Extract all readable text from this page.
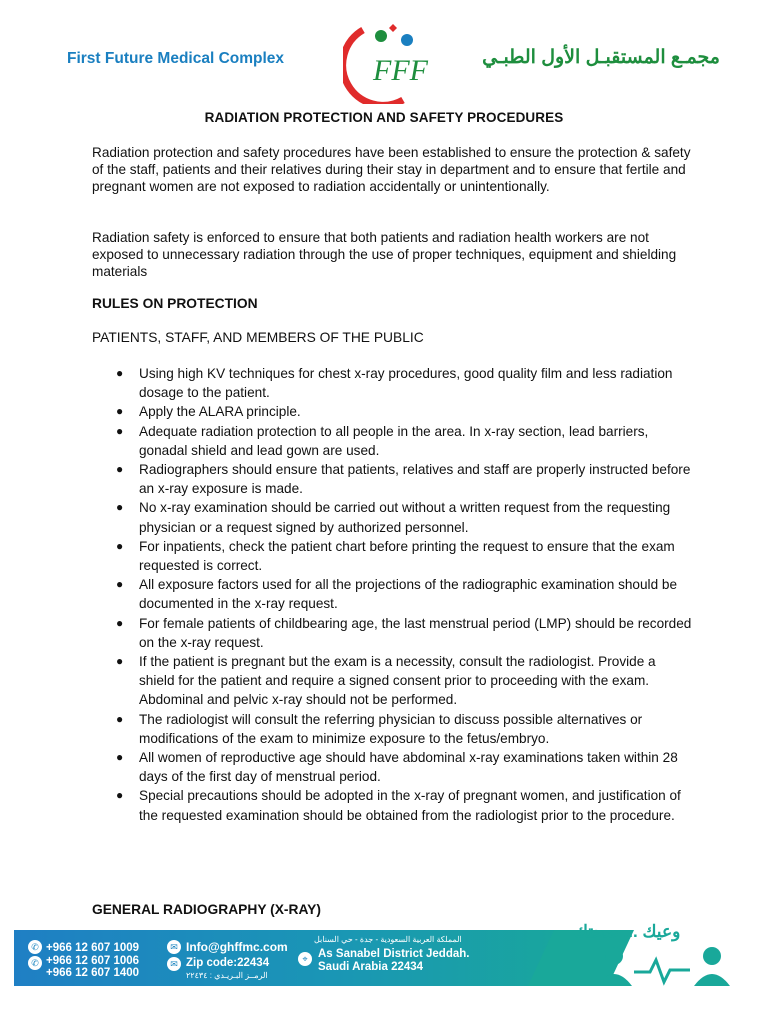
First Future Medical Complex	FFF	مجمـع المستقبـل الأول الطبـي
RADIATION PROTECTION AND SAFETY PROCEDURES

Radiation protection and safety procedures have been established to ensure the protection & safety of the staff, patients and their relatives during their stay in department and to ensure that fertile and pregnant women are not exposed to radiation accidentally or unintentionally.

Radiation safety is enforced to ensure that both patients and radiation health workers are not exposed to unnecessary radiation through the use of proper techniques, equipment and shielding materials

RULES ON PROTECTION
PATIENTS, STAFF, AND MEMBERS OF THE PUBLIC
● Using high KV techniques for chest x-ray procedures, good quality film and less radiation dosage to the patient.
● Apply the ALARA principle.
● Adequate radiation protection to all people in the area. In x-ray section, lead barriers, gonadal shield and lead gown are used.
● Radiographers should ensure that patients, relatives and staff are properly instructed before an x-ray exposure is made.
● No x-ray examination should be carried out without a written request from the requesting physician or a request signed by authorized personnel.
● For inpatients, check the patient chart before printing the request to ensure that the exam requested is correct.
● All exposure factors used for all the projections of the radiographic examination should be documented in the x-ray request.
● For female patients of childbearing age, the last menstrual period (LMP) should be recorded on the x-ray request.
● If the patient is pregnant but the exam is a necessity, consult the radiologist. Provide a shield for the patient and require a signed consent prior to proceeding with the exam. Abdominal and pelvic x-ray should not be performed.
● The radiologist will consult the referring physician to discuss possible alternatives or modifications of the exam to minimize exposure to the fetus/embryo.
● All women of reproductive age should have abdominal x-ray examinations taken within 28 days of the first day of menstrual period.
● Special precautions should be adopted in the x-ray of pregnant women, and justification of the requested examination should be obtained from the radiologist prior to the procedure.
GENERAL RADIOGRAPHY (X-RAY)
✆
✆
+966 12 607 1009
+966 12 607 1006
+966 12 607 1400
✉ Info@ghffmc.com
✉ Zip code:22434
الرمــز البـريـدي : ٢٢٤٣٤
⌖
المملكة العربية السعودية - جدة - حي السنابل
As Sanabel District Jeddah.
Saudi Arabia 22434
وعيك ... صحتك
